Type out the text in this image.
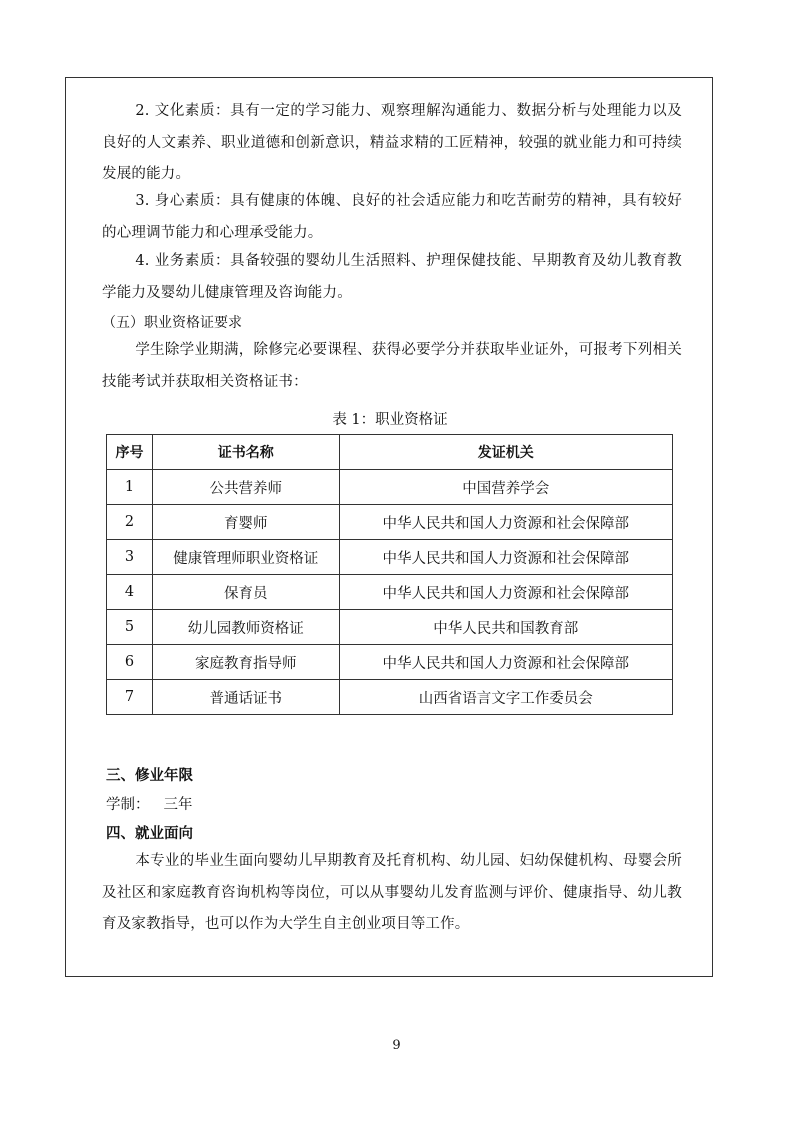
2. 文化素质：具有一定的学习能力、观察理解沟通能力、数据分析与处理能力以及良好的人文素养、职业道德和创新意识，精益求精的工匠精神，较强的就业能力和可持续发展的能力。

3. 身心素质：具有健康的体魄、良好的社会适应能力和吃苦耐劳的精神，具有较好的心理调节能力和心理承受能力。

4. 业务素质：具备较强的婴幼儿生活照料、护理保健技能、早期教育及幼儿教育教学能力及婴幼儿健康管理及咨询能力。

（五）职业资格证要求

学生除学业期满，除修完必要课程、获得必要学分并获取毕业证外，可报考下列相关技能考试并获取相关资格证书：

表 1：职业资格证

序号	证书名称	发证机关
1	公共营养师	中国营养学会
2	育婴师	中华人民共和国人力资源和社会保障部
3	健康管理师职业资格证	中华人民共和国人力资源和社会保障部
4	保育员	中华人民共和国人力资源和社会保障部
5	幼儿园教师资格证	中华人民共和国教育部
6	家庭教育指导师	中华人民共和国人力资源和社会保障部
7	普通话证书	山西省语言文字工作委员会

三、修业年限

学制： 三年

四、就业面向

本专业的毕业生面向婴幼儿早期教育及托育机构、幼儿园、妇幼保健机构、母婴会所及社区和家庭教育咨询机构等岗位，可以从事婴幼儿发育监测与评价、健康指导、幼儿教育及家教指导，也可以作为大学生自主创业项目等工作。

9
